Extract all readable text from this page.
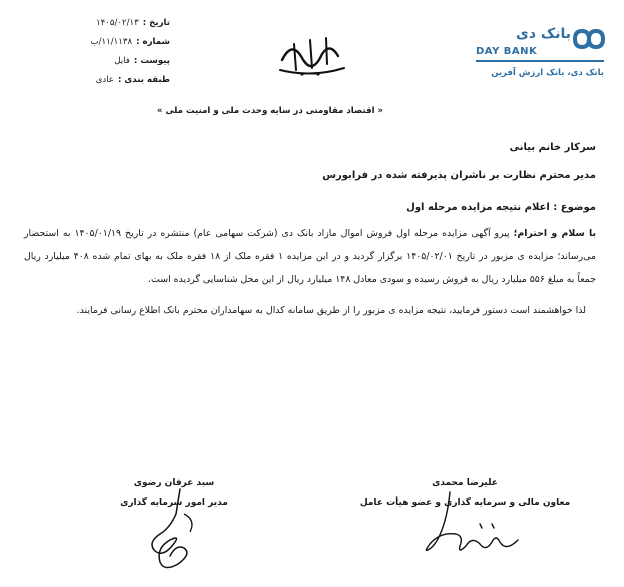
تاریخ :
۱۴۰۵/۰۲/۱۳
شماره :
۱۱/۱۱۳۸/ب
پیوست :
فایل
طبقه بندی :
عادی
بانک دی
DAY BANK
بانک دی، بانک ارزش آفرین
« اقتصاد مقاومتی در سایه وحدت ملی و امنیت ملی »
سرکار خانم بیانی
مدیر محترم نظارت بر ناشران پذیرفته شده در فرابورس
موضوع : اعلام نتیجه مزایده مرحله اول

با سلام و احترام؛ پیرو آگهی مزایده مرحله اول فروش اموال مازاد بانک دی (شرکت سهامی عام) منتشره در تاریخ ۱۴۰۵/۰۱/۱۹ به استحضار می‌رساند؛ مزایده ی مزبور در تاریخ ۱۴۰۵/۰۲/۰۱ برگزار گردید و در این مزایده ۱ فقره ملک از ۱۸ فقره ملک به بهای تمام شده ۴۰۸ میلیارد ریال جمعاً به مبلغ ۵۵۶ میلیارد ریال به فروش رسیده و سودی معادل ۱۴۸ میلیارد ریال از این محل شناسایی گردیده است.

لذا خواهشمند است دستور فرمایید، نتیجه مزایده ی مزبور را از طریق سامانه کدال به سهامداران محترم بانک اطلاع رسانی فرمایند.

علیرضا محمدی
معاون مالی و سرمایه گذاری و عضو هیأت عامل
سید عرفان رضوی
مدیر امور سرمایه گذاری
